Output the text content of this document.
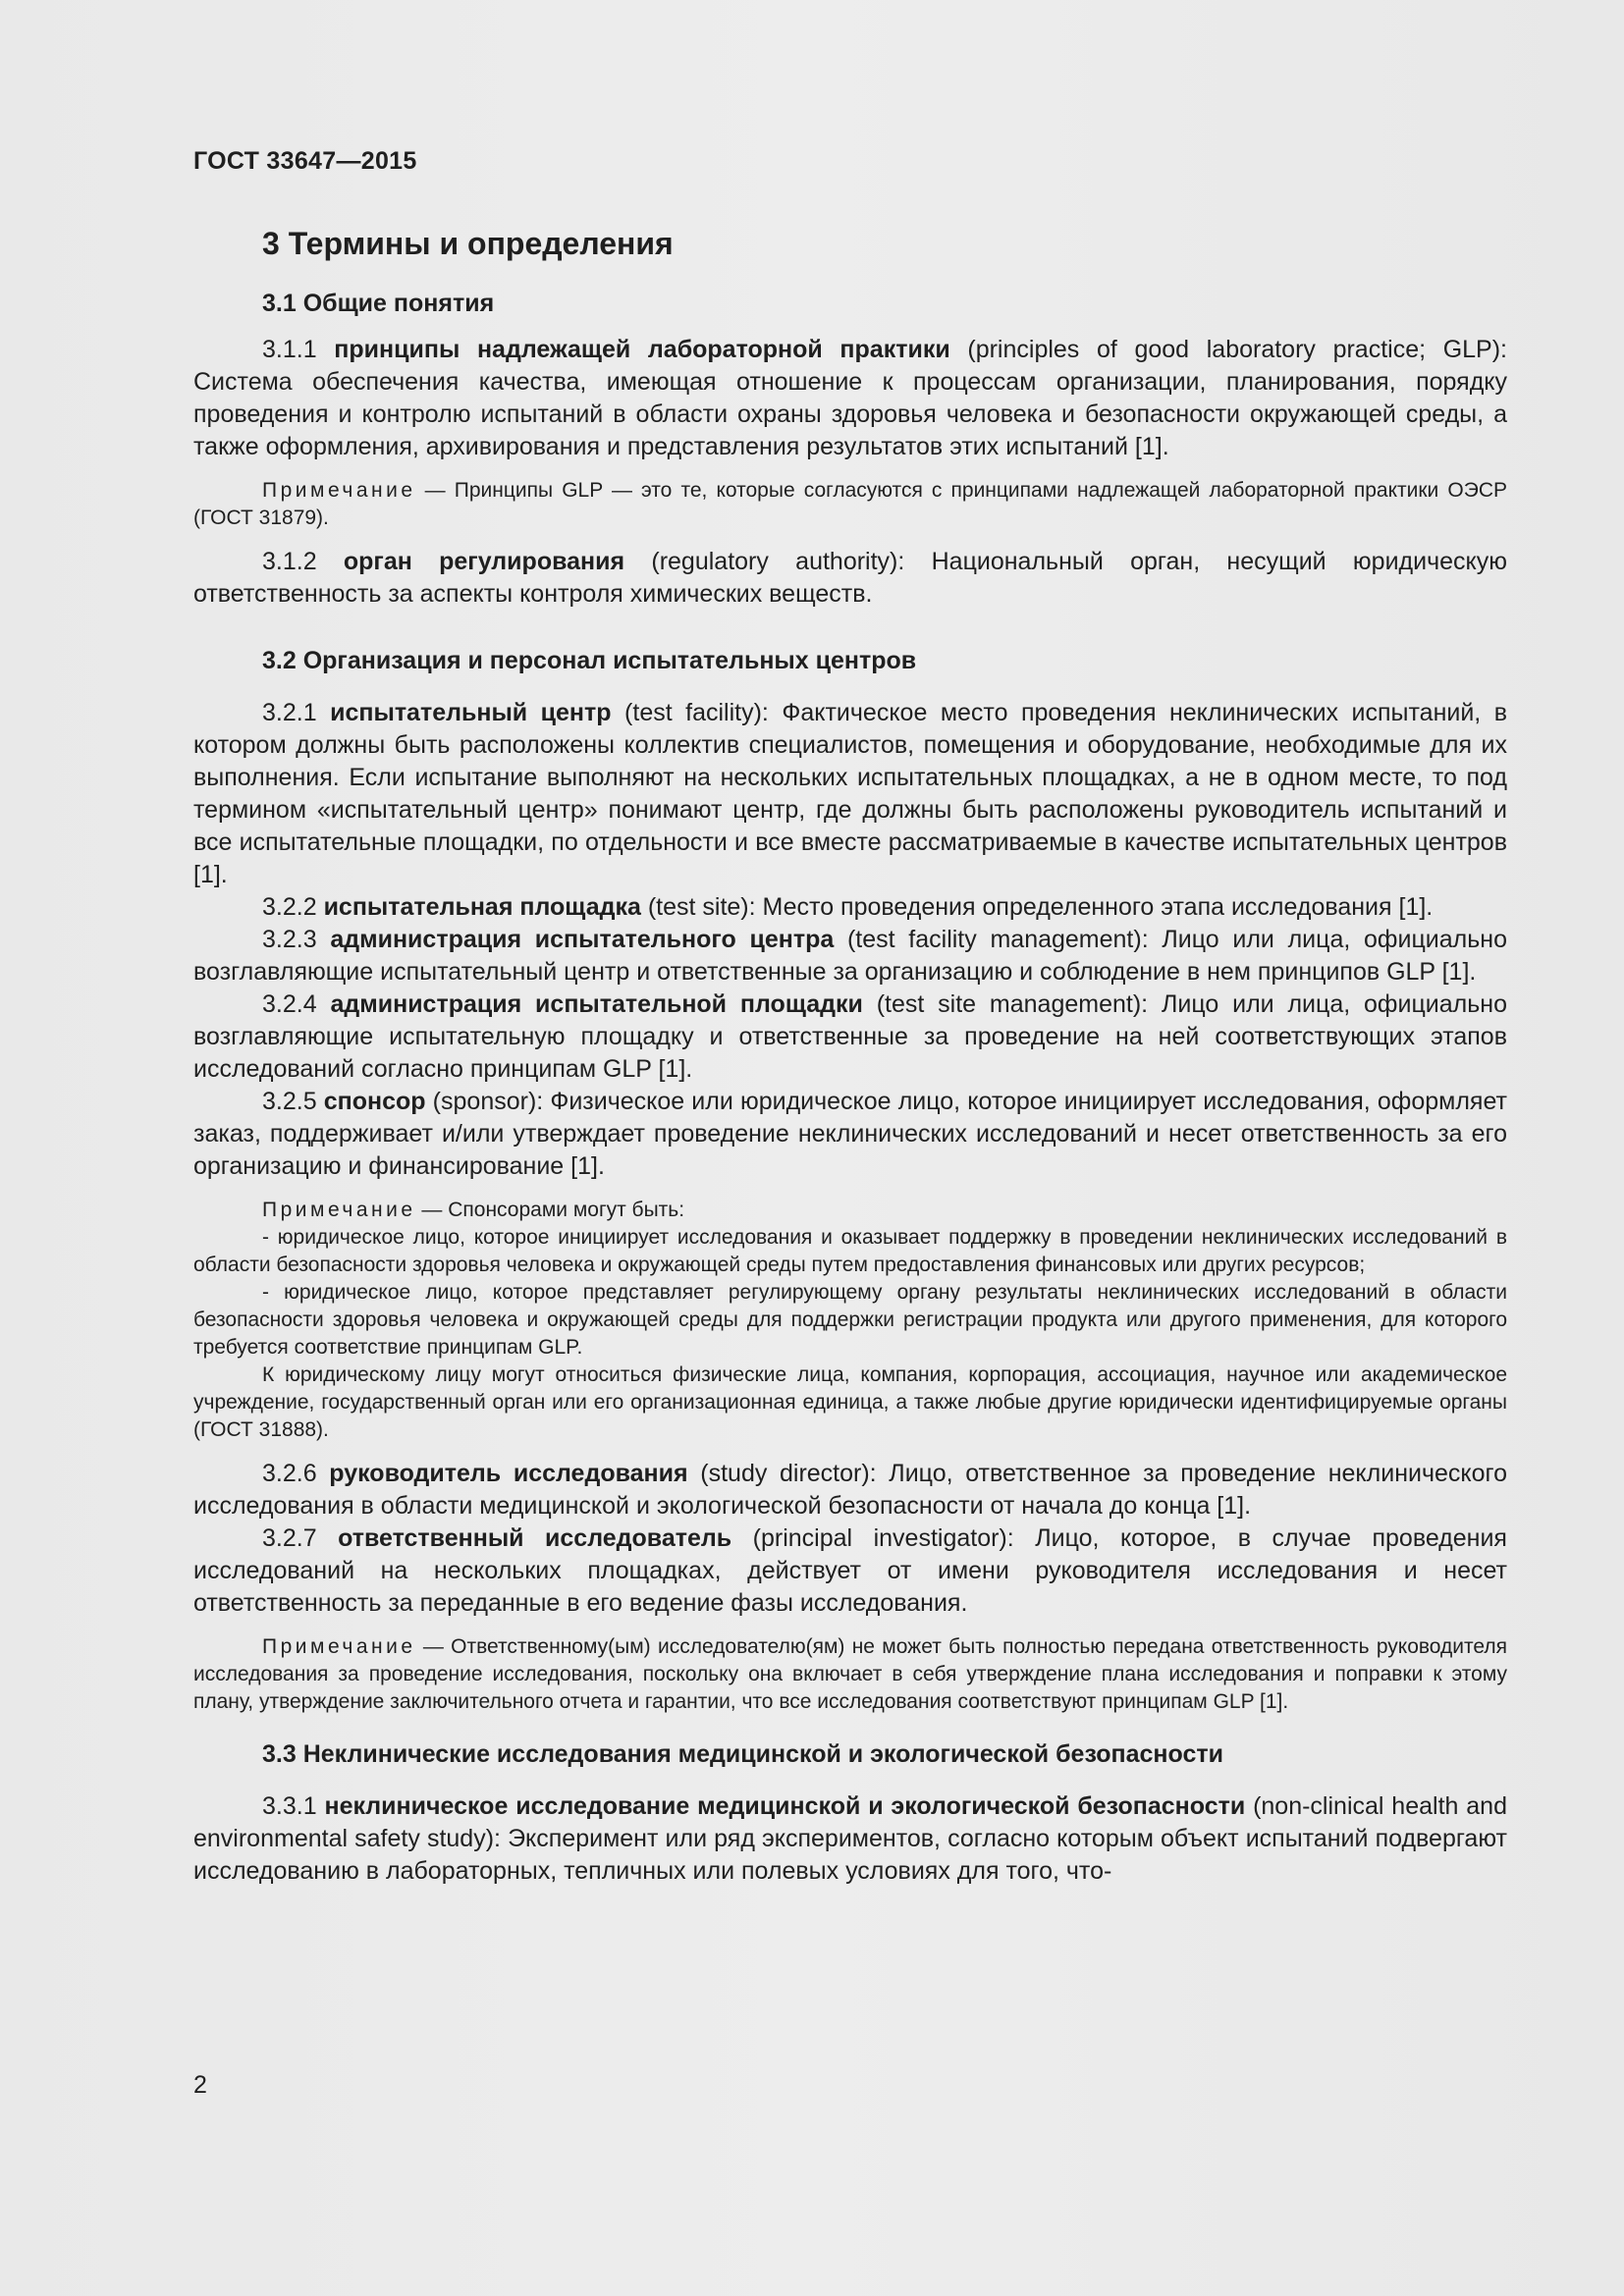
ГОСТ 33647—2015
3 Термины и определения
3.1 Общие понятия

3.1.1 принципы надлежащей лабораторной практики (principles of good laboratory practice; GLP): Система обеспечения качества, имеющая отношение к процессам организации, планирования, порядку проведения и контролю испытаний в области охраны здоровья человека и безопасности окружающей среды, а также оформления, архивирования и представления результатов этих испытаний [1].

Примечание — Принципы GLP — это те, которые согласуются с принципами надлежащей лабораторной практики ОЭСР (ГОСТ 31879).

3.1.2 орган регулирования (regulatory authority): Национальный орган, несущий юридическую ответственность за аспекты контроля химических веществ.

3.2 Организация и персонал испытательных центров

3.2.1 испытательный центр (test facility): Фактическое место проведения неклинических испытаний, в котором должны быть расположены коллектив специалистов, помещения и оборудование, необходимые для их выполнения. Если испытание выполняют на нескольких испытательных площадках, а не в одном месте, то под термином «испытательный центр» понимают центр, где должны быть расположены руководитель испытаний и все испытательные площадки, по отдельности и все вместе рассматриваемые в качестве испытательных центров [1].

3.2.2 испытательная площадка (test site): Место проведения определенного этапа исследования [1].

3.2.3 администрация испытательного центра (test facility management): Лицо или лица, официально возглавляющие испытательный центр и ответственные за организацию и соблюдение в нем принципов GLP [1].

3.2.4 администрация испытательной площадки (test site management): Лицо или лица, официально возглавляющие испытательную площадку и ответственные за проведение на ней соответствующих этапов исследований согласно принципам GLP [1].

3.2.5 спонсор (sponsor): Физическое или юридическое лицо, которое инициирует исследования, оформляет заказ, поддерживает и/или утверждает проведение неклинических исследований и несет ответственность за его организацию и финансирование [1].

Примечание — Спонсорами могут быть:

- юридическое лицо, которое инициирует исследования и оказывает поддержку в проведении неклинических исследований в области безопасности здоровья человека и окружающей среды путем предоставления финансовых или других ресурсов;

- юридическое лицо, которое представляет регулирующему органу результаты неклинических исследований в области безопасности здоровья человека и окружающей среды для поддержки регистрации продукта или другого применения, для которого требуется соответствие принципам GLP.

К юридическому лицу могут относиться физические лица, компания, корпорация, ассоциация, научное или академическое учреждение, государственный орган или его организационная единица, а также любые другие юридически идентифицируемые органы (ГОСТ 31888).

3.2.6 руководитель исследования (study director): Лицо, ответственное за проведение неклинического исследования в области медицинской и экологической безопасности от начала до конца [1].

3.2.7 ответственный исследователь (principal investigator): Лицо, которое, в случае проведения исследований на нескольких площадках, действует от имени руководителя исследования и несет ответственность за переданные в его ведение фазы исследования.

Примечание — Ответственному(ым) исследователю(ям) не может быть полностью передана ответственность руководителя исследования за проведение исследования, поскольку она включает в себя утверждение плана исследования и поправки к этому плану, утверждение заключительного отчета и гарантии, что все исследования соответствуют принципам GLP [1].

3.3 Неклинические исследования медицинской и экологической безопасности

3.3.1 неклиническое исследование медицинской и экологической безопасности (non-clinical health and environmental safety study): Эксперимент или ряд экспериментов, согласно которым объект испытаний подвергают исследованию в лабораторных, тепличных или полевых условиях для того, что-

2
